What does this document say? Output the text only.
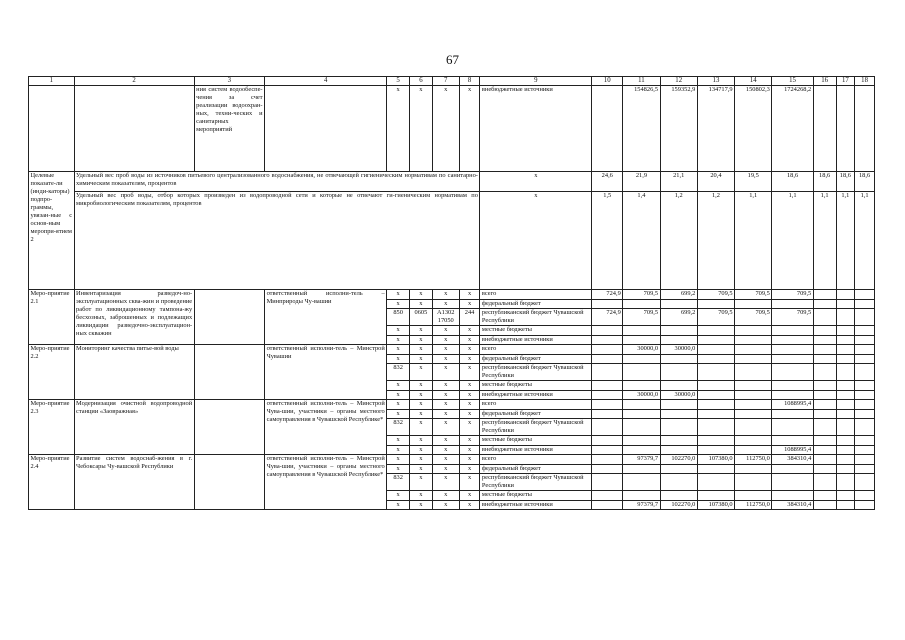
67
1	2	3	4	5	6	7	8	9	10	11	12	13	14	15	16	17	18
		ния систем водообеспе-чения за счет реализации водоохран-ных, техни-ческих и санитарных мероприятий		x	x	x	x	внебюджетные источники		154826,5	159352,9	134717,9	150802,3	1724268,2			
Целевые показате-ли (инди-каторы) подпро-граммы, увязан-ные с основ-ным меропри-ятием 2	Удельный вес проб воды из источников питьевого централизованного водоснабжения, не отвечающей гигиеническим нормативам по санитарно-химическим показателям, процентов							x	24,6	21,9	21,1	20,4	19,5	18,6	18,6	18,6	18,6
	Удельный вес проб воды, отбор которых произведен из водопроводной сети и которые не отвечают ги-гиеническим нормативам по микробиологическим показателям, процентов							x	1,5	1,4	1,2	1,2	1,1	1,1	1,1	1,1	1,1
Меро-приятие 2.1	Инвентаризация разведоч-но-эксплуатационных сква-жин и проведение работ по ликвидационному тампона-жу бесхозных, заброшенных и подлежащих ликвидации разведочно-эксплуатацион-ных скважин		ответственный исполни-тель – Минприроды Чу-вашии	x	x	x	x	всего	724,9	709,5	699,2	709,5	709,5	709,5			
				x	x	x	x	федеральный бюджет									
				850	0605	А1302 17050	244	республиканский бюджет Чувашской Республики	724,9	709,5	699,2	709,5	709,5	709,5			
				x	x	x	x	местные бюджеты									
				x	x	x	x	внебюджетные источники									
Меро-приятие 2.2	Мониторинг качества питье-вой воды		ответственный исполни-тель – Минстрой Чувашии	x	x	x	x	всего		30000,0	30000,0						
				x	x	x	x	федеральный бюджет									
				832	x	x	x	республиканский бюджет Чувашской Республики									
				x	x	x	x	местные бюджеты									
				x	x	x	x	внебюджетные источники		30000,0	30000,0						
Меро-приятие 2.3	Модернизация очистной водопроводной станции «Заовражная»		ответственный исполни-тель – Минстрой Чува-шии, участники – органы местного самоуправления в Чувашской Республике*	x	x	x	x	всего						1088995,4			
				x	x	x	x	федеральный бюджет									
				832	x	x	x	республиканский бюджет Чувашской Республики									
				x	x	x	x	местные бюджеты									
				x	x	x	x	внебюджетные источники						1088995,4			
Меро-приятие 2.4	Развитие систем водоснаб-жения в г. Чебоксары Чу-вашской Республики		ответственный исполни-тель – Минстрой Чува-шии, участники – органы местного самоуправления в Чувашской Республике*	x	x	x	x	всего		97379,7	102270,0	107380,0	112750,0	384310,4			
				x	x	x	x	федеральный бюджет									
				832	x	x	x	республиканский бюджет Чувашской Республики									
				x	x	x	x	местные бюджеты									
				x	x	x	x	внебюджетные источники		97379,7	102270,0	107380,0	112750,0	384310,4			
